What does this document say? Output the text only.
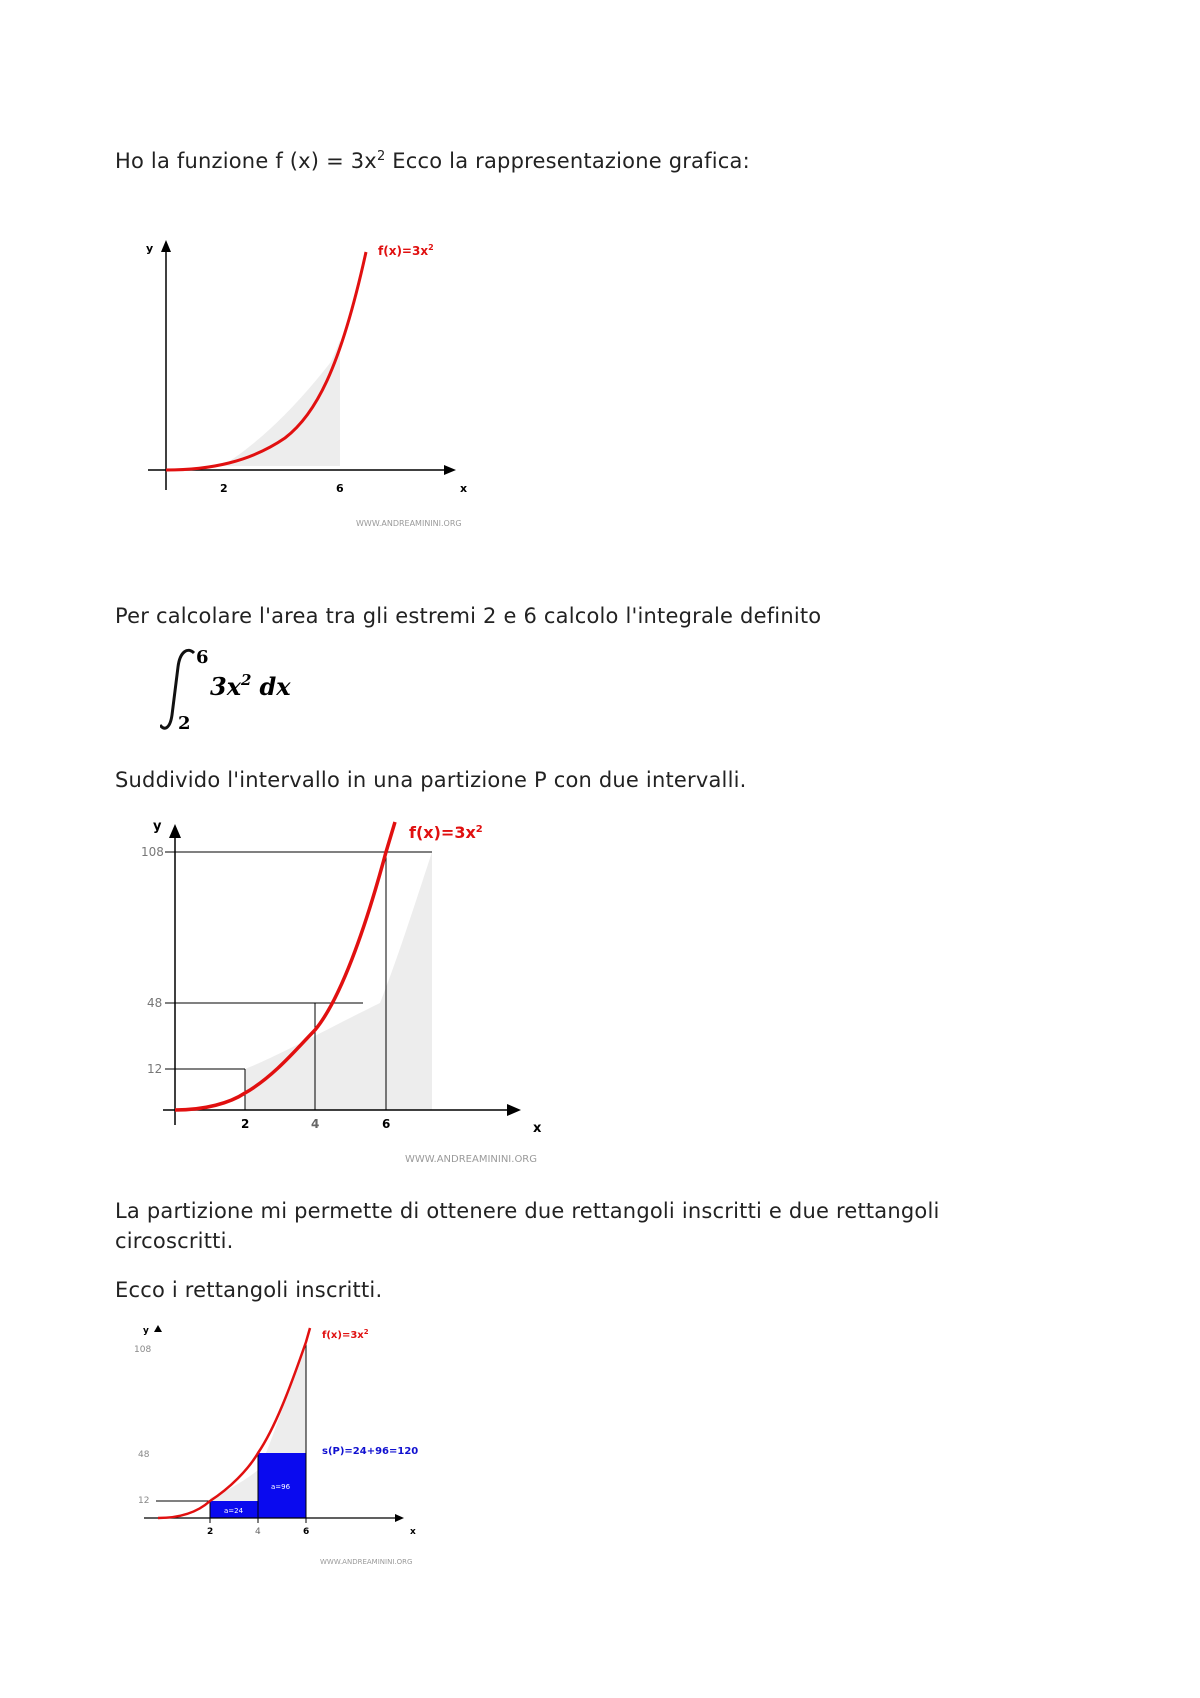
Ho la funzione f $(x) = 3x^2$ Ecco la rappresentazione grafica:
y
x
2	6
$f(x)=3x^2$
WWW.ANDREAMININI.ORG
Per calcolare l'area tra gli estremi 2 e 6 calcolo l'integrale definito
6
2
$3x^2$ dx
Suddivido l'intervallo in una partizione P con due intervalli.
y
x
108
48
12
2	4	6
$f(x)=3x^2$
WWW.ANDREAMININI.ORG
La partizione mi permette di ottenere due rettangoli inscritti e due rettangoli
circoscritti.
Ecco i rettangoli inscritti.
y
x
108
48
12
2	4	6
a=24
a=96
s(P)=24+96=120
$f(x)=3x^2$
WWW.ANDREAMININI.ORG
